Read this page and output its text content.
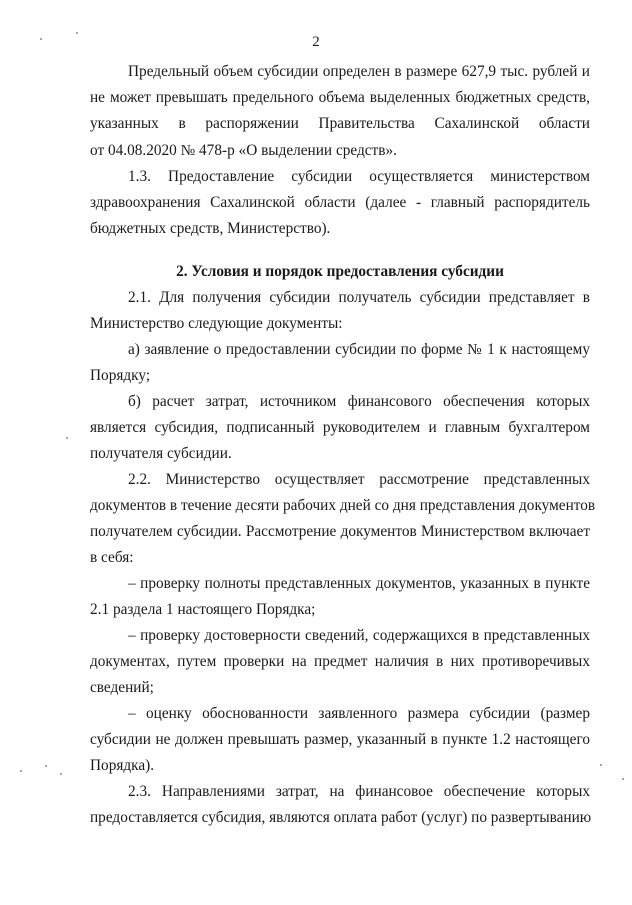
2
Предельный объем субсидии определен в размере 627,9 тыс. рублей и
не может превышать предельного объема выделенных бюджетных средств,
указанных в распоряжении Правительства Сахалинской области
от 04.08.2020 № 478-р «О выделении средств».
1.3. Предоставление субсидии осуществляется министерством
здравоохранения Сахалинской области (далее - главный распорядитель
бюджетных средств, Министерство).
2. Условия и порядок предоставления субсидии
2.1. Для получения субсидии получатель субсидии представляет в
Министерство следующие документы:
а) заявление о предоставлении субсидии по форме № 1 к настоящему
Порядку;
б) расчет затрат, источником финансового обеспечения которых
является субсидия, подписанный руководителем и главным бухгалтером
получателя субсидии.
2.2. Министерство осуществляет рассмотрение представленных
документов в течение десяти рабочих дней со дня представления документов
получателем субсидии. Рассмотрение документов Министерством включает
в себя:
– проверку полноты представленных документов, указанных в пункте
2.1 раздела 1 настоящего Порядка;
– проверку достоверности сведений, содержащихся в представленных
документах, путем проверки на предмет наличия в них противоречивых
сведений;
– оценку обоснованности заявленного размера субсидии (размер
субсидии не должен превышать размер, указанный в пункте 1.2 настоящего
Порядка).
2.3. Направлениями затрат, на финансовое обеспечение которых
предоставляется субсидия, являются оплата работ (услуг) по развертыванию
